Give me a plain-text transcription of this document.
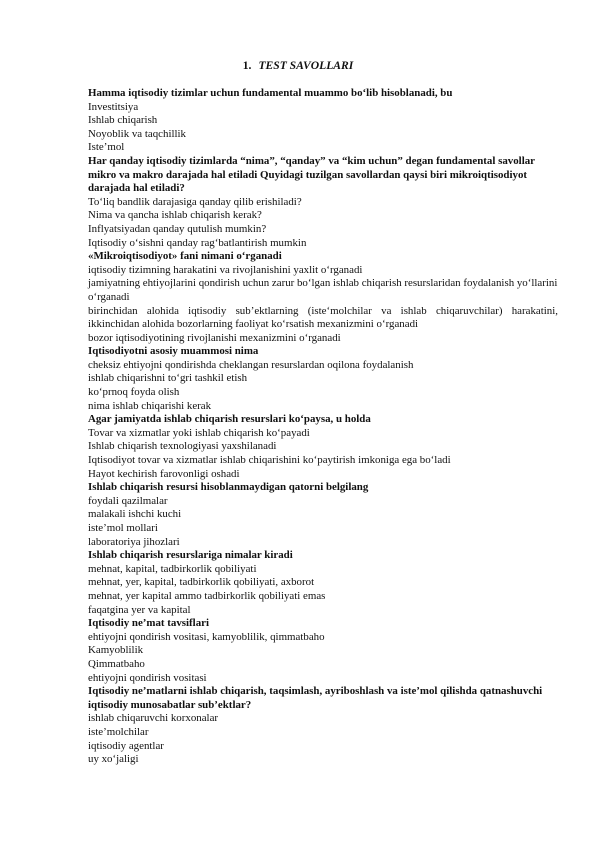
1. TEST SAVOLLARI
Hamma iqtisodiy tizimlar uchun fundamental muammo bo‘lib hisoblanadi, bu
Investitsiya
Ishlab chiqarish
Noyoblik va taqchillik
Iste’mol
Har qanday iqtisodiy tizimlarda “nima”, “qanday” va “kim uchun” degan fundamental savollar mikro va makro darajada hal etiladi Quyidagi tuzilgan savollardan qaysi biri mikroiqtisodiyot darajada hal etiladi?
To‘liq bandlik darajasiga qanday qilib erishiladi?
Nima va qancha ishlab chiqarish kerak?
Inflyatsiyadan qanday qutulish mumkin?
Iqtisodiy o‘sishni qanday rag‘batlantirish mumkin
«Mikroiqtisodiyot» fani nimani o‘rganadi
iqtisodiy tizimning harakatini va rivojlanishini yaxlit o‘rganadi
jamiyatning ehtiyojlarini qondirish uchun zarur bo‘lgan ishlab chiqarish resurslaridan foydalanish yo‘llarini o‘rganadi
birinchidan alohida iqtisodiy sub’ektlarning (iste‘molchilar va ishlab chiqaruvchilar) harakatini, ikkinchidan alohida bozorlarning faoliyat ko‘rsatish mexanizmini o‘rganadi
bozor iqtisodiyotining rivojlanishi mexanizmini o‘rganadi
Iqtisodiyotni asosiy muammosi nima
cheksiz ehtiyojni qondirishda cheklangan resurslardan oqilona foydalanish
ishlab chiqarishni to‘gri tashkil etish
ko‘prnoq foyda olish
nima ishlab chiqarishi kerak
Agar jamiyatda ishlab chiqarish resurslari ko‘paysa, u holda
Tovar va xizmatlar yoki ishlab chiqarish ko‘payadi
Ishlab chiqarish texnologiyasi yaxshilanadi
Iqtisodiyot tovar va xizmatlar ishlab chiqarishini ko‘paytirish imkoniga ega bo‘ladi
Hayot kechirish farovonligi oshadi
Ishlab chiqarish resursi hisoblanmaydigan qatorni belgilang
foydali qazilmalar
malakali ishchi kuchi
iste’mol mollari
laboratoriya jihozlari
Ishlab chiqarish resurslariga nimalar kiradi
mehnat, kapital, tadbirkorlik qobiliyati
mehnat, yer, kapital, tadbirkorlik qobiliyati, axborot
mehnat, yer kapital ammo tadbirkorlik qobiliyati emas
faqatgina yer va kapital
Iqtisodiy ne’mat tavsiflari
ehtiyojni qondirish vositasi, kamyoblilik, qimmatbaho
Kamyoblilik
Qimmatbaho
ehtiyojni qondirish vositasi
Iqtisodiy ne’matlarni ishlab chiqarish, taqsimlash, ayriboshlash va iste’mol qilishda qatnashuvchi iqtisodiy munosabatlar sub’ektlar?
ishlab chiqaruvchi korxonalar
iste’molchilar
iqtisodiy agentlar
uy xo‘jaligi
